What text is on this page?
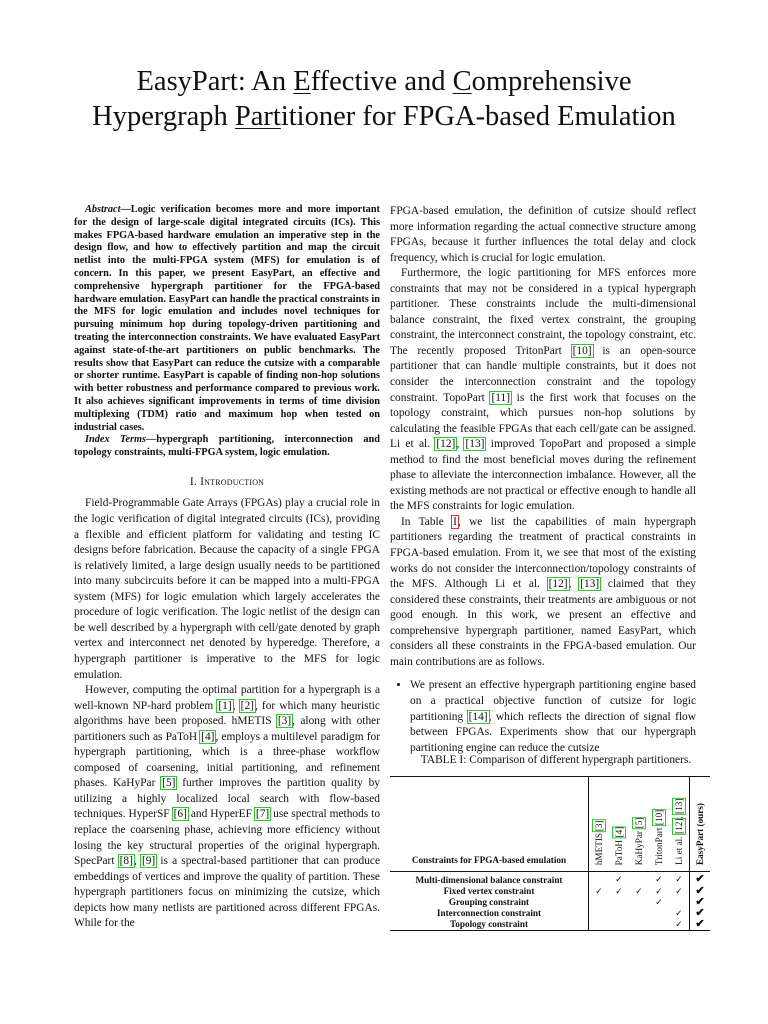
EasyPart: An Effective and Comprehensive
Hypergraph Partitioner for FPGA-based Emulation

Abstract—Logic verification becomes more and more important for the design of large-scale digital integrated circuits (ICs). This makes FPGA-based hardware emulation an imperative step in the design flow, and how to effectively partition and map the circuit netlist into the multi-FPGA system (MFS) for emulation is of concern. In this paper, we present EasyPart, an effective and comprehensive hypergraph partitioner for the FPGA-based hardware emulation. EasyPart can handle the practical constraints in the MFS for logic emulation and includes novel techniques for pursuing minimum hop during topology-driven partitioning and treating the interconnection constraints. We have evaluated EasyPart against state-of-the-art partitioners on public benchmarks. The results show that EasyPart can reduce the cutsize with a comparable or shorter runtime. EasyPart is capable of finding non-hop solutions with better robustness and performance compared to previous work. It also achieves significant improvements in terms of time division multiplexing (TDM) ratio and maximum hop when tested on industrial cases.

Index Terms—hypergraph partitioning, interconnection and topology constraints, multi-FPGA system, logic emulation.

I. Introduction

Field-Programmable Gate Arrays (FPGAs) play a crucial role in the logic verification of digital integrated circuits (ICs), providing a flexible and efficient platform for validating and testing IC designs before fabrication. Because the capacity of a single FPGA is relatively limited, a large design usually needs to be partitioned into many subcircuits before it can be mapped into a multi-FPGA system (MFS) for logic emulation which largely accelerates the procedure of logic verification. The logic netlist of the design can be well described by a hypergraph with cell/gate denoted by graph vertex and interconnect net denoted by hyperedge. Therefore, a hypergraph partitioner is imperative to the MFS for logic emulation.

However, computing the optimal partition for a hypergraph is a well-known NP-hard problem [1], [2], for which many heuristic algorithms have been proposed. hMETIS [3], along with other partitioners such as PaToH [4], employs a multilevel paradigm for hypergraph partitioning, which is a three-phase workflow composed of coarsening, initial partitioning, and refinement phases. KaHyPar [5] further improves the partition quality by utilizing a highly localized local search with flow-based techniques. HyperSF [6] and HyperEF [7] use spectral methods to replace the coarsening phase, achieving more efficiency without losing the key structural properties of the original hypergraph. SpecPart [8], [9] is a spectral-based partitioner that can produce embeddings of vertices and improve the quality of partition. These hypergraph partitioners focus on minimizing the cutsize, which depicts how many netlists are partitioned across different FPGAs. While for the

FPGA-based emulation, the definition of cutsize should reflect more information regarding the actual connective structure among FPGAs, because it further influences the total delay and clock frequency, which is crucial for logic emulation.

Furthermore, the logic partitioning for MFS enforces more constraints that may not be considered in a typical hypergraph partitioner. These constraints include the multi-dimensional balance constraint, the fixed vertex constraint, the grouping constraint, the interconnect constraint, the topology constraint, etc. The recently proposed TritonPart [10] is an open-source partitioner that can handle multiple constraints, but it does not consider the interconnection constraint and the topology constraint. TopoPart [11] is the first work that focuses on the topology constraint, which pursues non-hop solutions by calculating the feasible FPGAs that each cell/gate can be assigned. Li et al. [12], [13] improved TopoPart and proposed a simple method to find the most beneficial moves during the refinement phase to alleviate the interconnection imbalance. However, all the existing methods are not practical or effective enough to handle all the MFS constraints for logic emulation.

In Table I, we list the capabilities of main hypergraph partitioners regarding the treatment of practical constraints in FPGA-based emulation. From it, we see that most of the existing works do not consider the interconnection/topology constraints of the MFS. Although Li et al. [12], [13] claimed that they considered these constraints, their treatments are ambiguous or not good enough. In this work, we present an effective and comprehensive hypergraph partitioner, named EasyPart, which considers all these constraints in the FPGA-based emulation. Our main contributions are as follows.

• We present an effective hypergraph partitioning engine based on a practical objective function of cutsize for logic partitioning [14], which reflects the direction of signal flow between FPGAs. Experiments show that our hypergraph partitioning engine can reduce the cutsize
TABLE I: Comparison of different hypergraph partitioners.
Constraints for FPGA-based emulation	hMETIS [3]	PaToH [4]	KaHyPar [5]	TritonPart [10]	Li et al. [12], [13]	EasyPart (ours)
Multi-dimensional balance constraint		✓		✓	✓	✔
Fixed vertex constraint	✓	✓	✓	✓	✓	✔
Grouping constraint				✓		✔
Interconnection constraint					✓	✔
Topology constraint					✓	✔
